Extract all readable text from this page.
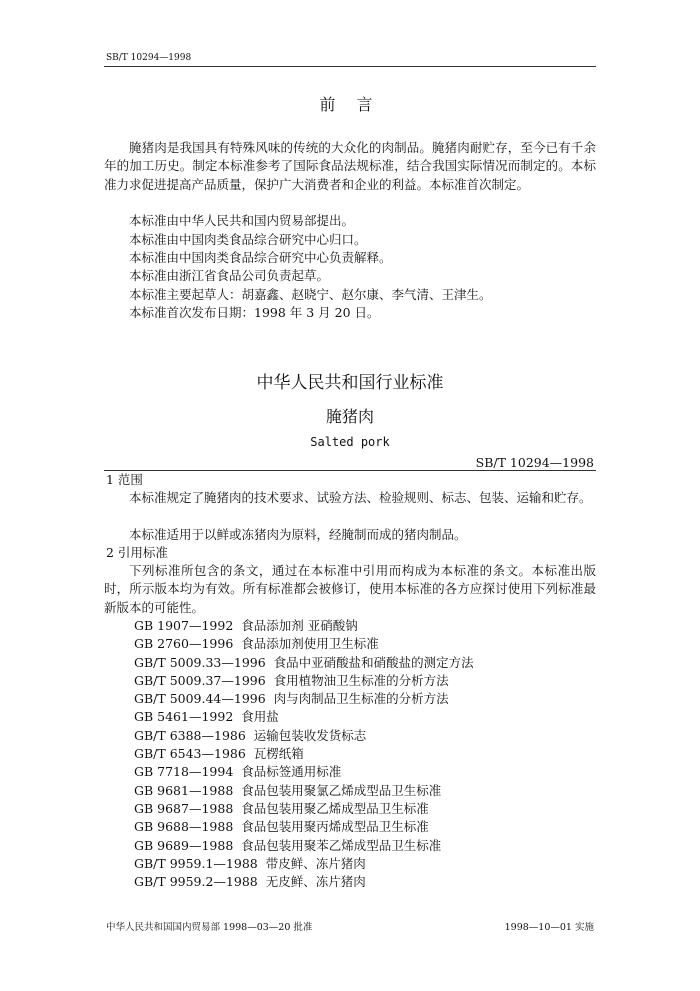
SB/T 10294—1998
前 言
腌猪肉是我国具有特殊风味的传统的大众化的肉制品。腌猪肉耐贮存，至今已有千余年的加工历史。制定本标准参考了国际食品法规标准，结合我国实际情况而制定的。本标准力求促进提高产品质量，保护广大消费者和企业的利益。本标准首次制定。
本标准由中华人民共和国内贸易部提出。
本标准由中国肉类食品综合研究中心归口。
本标准由中国肉类食品综合研究中心负责解释。
本标准由浙江省食品公司负责起草。
本标准主要起草人：胡嘉鑫、赵晓宁、赵尔康、李气清、王津生。
本标准首次发布日期：1998 年 3 月 20 日。
中华人民共和国行业标准
腌猪肉
Salted pork
SB/T 10294—1998
1 范围
本标准规定了腌猪肉的技术要求、试验方法、检验规则、标志、包装、运输和贮存。
本标准适用于以鲜或冻猪肉为原料，经腌制而成的猪肉制品。
2 引用标准
下列标准所包含的条文，通过在本标准中引用而构成为本标准的条文。本标准出版时，所示版本均为有效。所有标准都会被修订，使用本标准的各方应探讨使用下列标准最新版本的可能性。
GB 1907—1992 食品添加剂 亚硝酸钠
GB 2760—1996 食品添加剂使用卫生标准
GB/T 5009.33—1996 食品中亚硝酸盐和硝酸盐的测定方法
GB/T 5009.37—1996 食用植物油卫生标准的分析方法
GB/T 5009.44—1996 肉与肉制品卫生标准的分析方法
GB 5461—1992 食用盐
GB/T 6388—1986 运输包装收发货标志
GB/T 6543—1986 瓦楞纸箱
GB 7718—1994 食品标签通用标准
GB 9681—1988 食品包装用聚氯乙烯成型品卫生标准
GB 9687—1988 食品包装用聚乙烯成型品卫生标准
GB 9688—1988 食品包装用聚丙烯成型品卫生标准
GB 9689—1988 食品包装用聚苯乙烯成型品卫生标准
GB/T 9959.1—1988 带皮鲜、冻片猪肉
GB/T 9959.2—1988 无皮鲜、冻片猪肉
中华人民共和国国内贸易部 1998—03—20 批准	1998—10—01 实施
